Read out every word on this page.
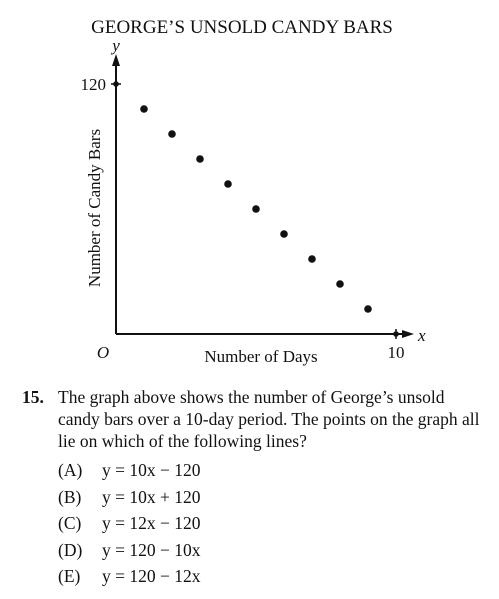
GEORGE’S UNSOLD CANDY BARS
y
x
120
10
O	Number of Days
Number of Candy Bars
15. The graph above shows the number of George’s unsold candy bars over a 10-day period. The points on the graph all lie on which of the following lines?
(A) y = 10x − 120
(B) y = 10x + 120
(C) y = 12x − 120
(D) y = 120 − 10x
(E) y = 120 − 12x
